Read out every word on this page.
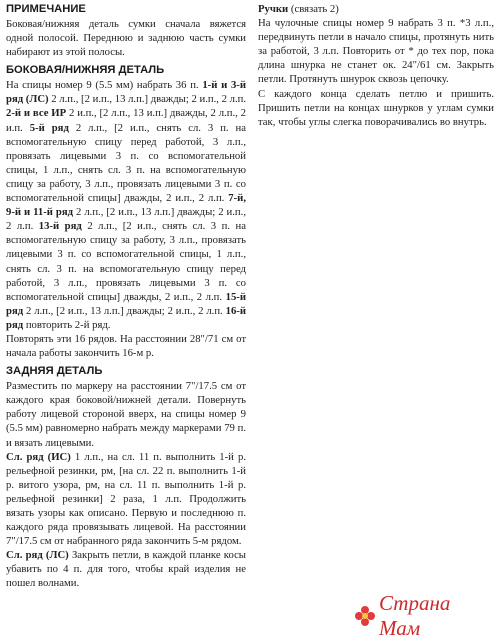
ПРИМЕЧАНИЕ

Боковая/нижняя деталь сумки сначала вяжется одной полосой. Переднюю и заднюю часть сумки набирают из этой полосы.

БОКОВАЯ/НИЖНЯЯ ДЕТАЛЬ

На спицы номер 9 (5.5 мм) набрать 36 п. 1-й и 3-й ряд (ЛС) 2 л.п., [2 и.п., 13 л.п.] дважды; 2 и.п., 2 л.п. 2-й и все ИР 2 и.п., [2 л.п., 13 и.п.] дважды, 2 л.п., 2 и.п. 5-й ряд 2 л.п., [2 и.п., снять сл. 3 п. на вспомогательную спицу перед работой, 3 л.п., провязать лицевыми 3 п. со вспомогательной спицы, 1 л.п., снять сл. 3 п. на вспомогательную спицу за работу, 3 л.п., провязать лицевыми 3 п. со вспомогательной спицы] дважды, 2 и.п., 2 л.п. 7-й, 9-й и 11-й ряд 2 л.п., [2 и.п., 13 л.п.] дважды; 2 и.п., 2 л.п. 13-й ряд 2 л.п., [2 и.п., снять сл. 3 п. на вспомогательную спицу за работу, 3 л.п., провязать лицевыми 3 п. со вспомогательной спицы, 1 л.п., снять сл. 3 п. на вспомогательную спицу перед работой, 3 л.п., провязать лицевыми 3 п. со вспомогательной спицы] дважды, 2 и.п., 2 л.п. 15-й ряд 2 л.п., [2 и.п., 13 л.п.] дважды; 2 и.п., 2 л.п. 16-й ряд повторить 2-й ряд.

Повторять эти 16 рядов. На расстоянии 28"/71 см от начала работы закончить 16-м р.

ЗАДНЯЯ ДЕТАЛЬ

Разместить по маркеру на расстоянии 7"/17.5 см от каждого края боковой/нижней детали. Повернуть работу лицевой стороной вверх, на спицы номер 9 (5.5 мм) равномерно набрать между маркерами 79 п. и вязать лицевыми.

Сл. ряд (ИС) 1 л.п., на сл. 11 п. выполнить 1-й р. рельефной резинки, рм, [на сл. 22 п. выполнить 1-й р. витого узора, рм, на сл. 11 п. выполнить 1-й р. рельефной резинки] 2 раза, 1 л.п. Продолжить вязать узоры как описано. Первую и последнюю п. каждого ряда провязывать лицевой. На расстоянии 7"/17.5 см от набранного ряда закончить 5-м рядом.

Сл. ряд (ЛС) Закрыть петли, в каждой планке косы убавить по 4 п. для того, чтобы край изделия не пошел волнами.

Ручки (связать 2)

На чулочные спицы номер 9 набрать 3 п. *3 л.п., передвинуть петли в начало спицы, протянуть нить за работой, 3 л.п. Повторить от * до тех пор, пока длина шнурка не станет ок. 24"/61 см. Закрыть петли. Протянуть шнурок сквозь цепочку.

С каждого конца сделать петлю и пришить. Пришить петли на концах шнурков у углам сумки так, чтобы углы слегка поворачивались во внутрь.

Страна Мам
